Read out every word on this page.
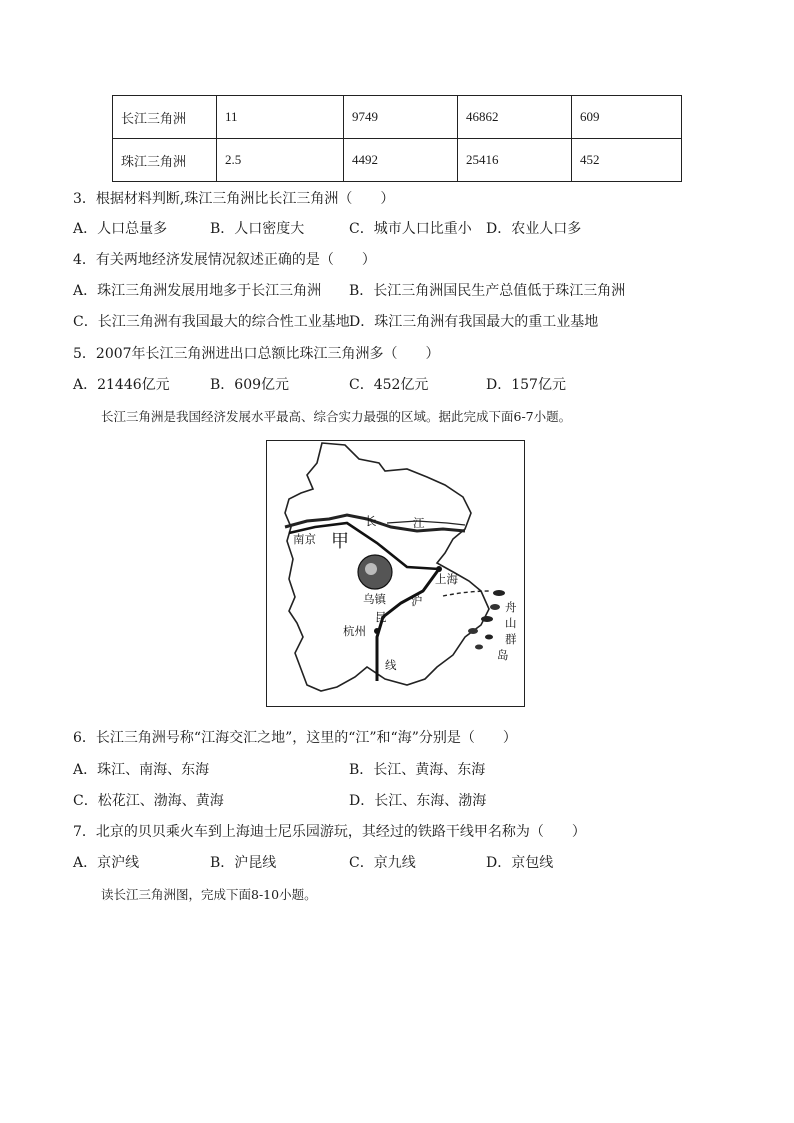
长江三角洲	11	9749	46862	609
珠江三角洲	2.5	4492	25416	452
3．根据材料判断,珠江三角洲比长江三角洲（　　）
A．人口总量多	B．人口密度大	C．城市人口比重小 D．农业人口多
4．有关两地经济发展情况叙述正确的是（　　）
A．珠江三角洲发展用地多于长江三角洲 B．长江三角洲国民生产总值低于珠江三角洲
C．长江三角洲有我国最大的综合性工业基地 D．珠江三角洲有我国最大的重工业基地
5．2007年长江三角洲进出口总额比珠江三角洲多（　　）
A．21446亿元	B．609亿元	C．452亿元	D．157亿元
长江三角洲是我国经济发展水平最高、综合实力最强的区域。据此完成下面6-7小题。
长	江
南京 甲
上海
乌镇 沪
昆
杭州
线
舟
山
群
岛
6．长江三角洲号称“江海交汇之地”，这里的“江”和“海”分别是（　　）
A．珠江、南海、东海	B．长江、黄海、东海
C．松花江、渤海、黄海	D．长江、东海、渤海
7．北京的贝贝乘火车到上海迪士尼乐园游玩，其经过的铁路干线甲名称为（　　）
A．京沪线	B．沪昆线	C．京九线	D．京包线
读长江三角洲图，完成下面8-10小题。
